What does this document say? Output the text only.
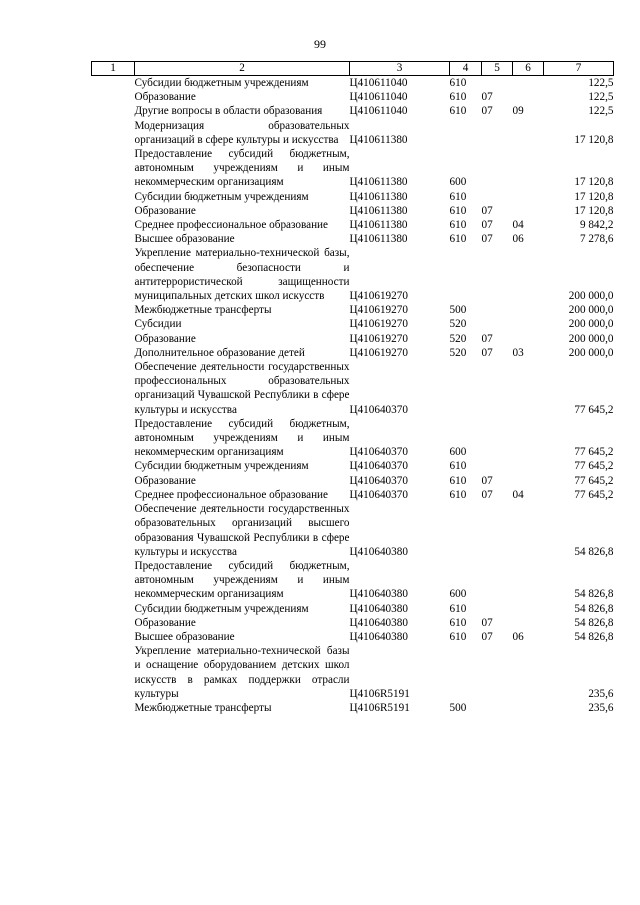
99
1	2	3	4	5	6	7
	Субсидии бюджетным учреждениям	Ц410611040	610			122,5
	Образование	Ц410611040	610	07		122,5
	Другие вопросы в области образования	Ц410611040	610	07	09	122,5
	Модернизация образовательных организаций в сфере культуры и искусства	Ц410611380				17 120,8
	Предоставление субсидий бюджетным, автономным учреждениям и иным некоммерческим организациям	Ц410611380	600			17 120,8
	Субсидии бюджетным учреждениям	Ц410611380	610			17 120,8
	Образование	Ц410611380	610	07		17 120,8
	Среднее профессиональное образование	Ц410611380	610	07	04	9 842,2
	Высшее образование	Ц410611380	610	07	06	7 278,6
	Укрепление материально-технической базы, обеспечение безопасности и антитеррористической защищенности муниципальных детских школ искусств	Ц410619270				200 000,0
	Межбюджетные трансферты	Ц410619270	500			200 000,0
	Субсидии	Ц410619270	520			200 000,0
	Образование	Ц410619270	520	07		200 000,0
	Дополнительное образование детей	Ц410619270	520	07	03	200 000,0
	Обеспечение деятельности государственных профессиональных образовательных организаций Чувашской Республики в сфере культуры и искусства	Ц410640370				77 645,2
	Предоставление субсидий бюджетным, автономным учреждениям и иным некоммерческим организациям	Ц410640370	600			77 645,2
	Субсидии бюджетным учреждениям	Ц410640370	610			77 645,2
	Образование	Ц410640370	610	07		77 645,2
	Среднее профессиональное образование	Ц410640370	610	07	04	77 645,2
	Обеспечение деятельности государственных образовательных организаций высшего образования Чувашской Республики в сфере культуры и искусства	Ц410640380				54 826,8
	Предоставление субсидий бюджетным, автономным учреждениям и иным некоммерческим организациям	Ц410640380	600			54 826,8
	Субсидии бюджетным учреждениям	Ц410640380	610			54 826,8
	Образование	Ц410640380	610	07		54 826,8
	Высшее образование	Ц410640380	610	07	06	54 826,8
	Укрепление материально-технической базы и оснащение оборудованием детских школ искусств в рамках поддержки отрасли культуры	Ц4106R5191				235,6
	Межбюджетные трансферты	Ц4106R5191	500			235,6
